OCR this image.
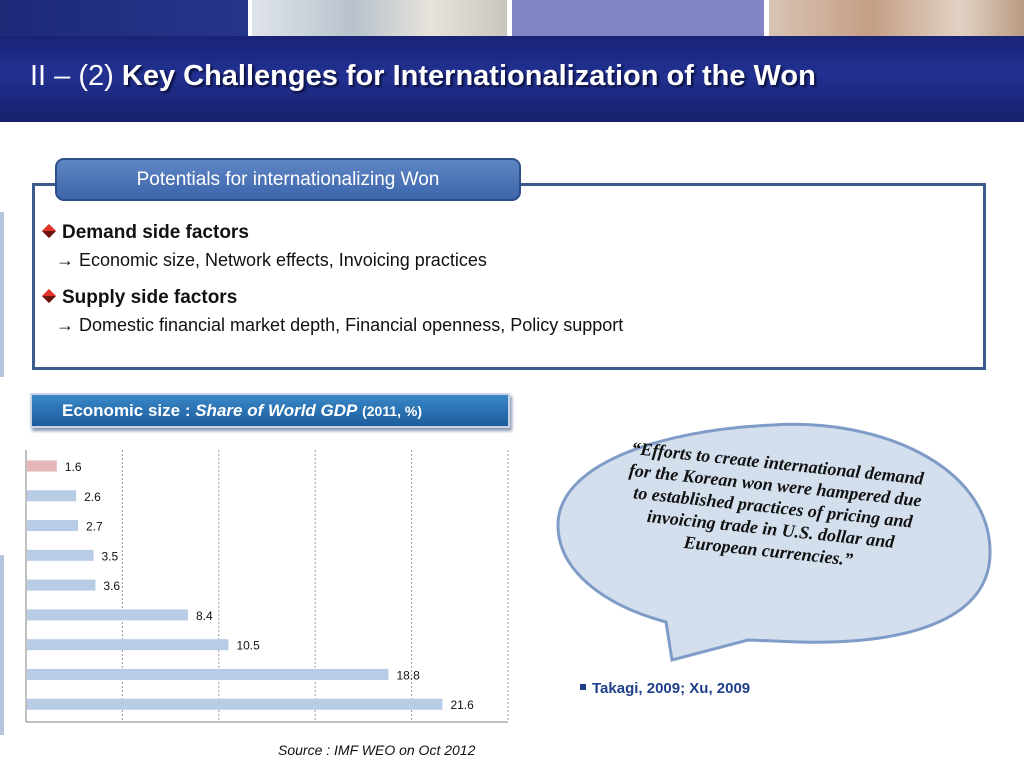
II – (2) Key Challenges for Internationalization of the Won
Potentials for internationalizing Won
Demand side factors
→ Economic size, Network effects, Invoicing practices
Supply side factors
→ Domestic financial market depth, Financial openness, Policy support
Economic size : Share of World GDP (2011, %)
1.6
2.6
2.7
3.5
3.6
8.4
10.5
18.8
21.6
Source : IMF WEO on Oct 2012
“Efforts to create international demand for the Korean won were hampered due to established practices of pricing and invoicing trade in U.S. dollar and European currencies.”
Takagi, 2009; Xu, 2009
